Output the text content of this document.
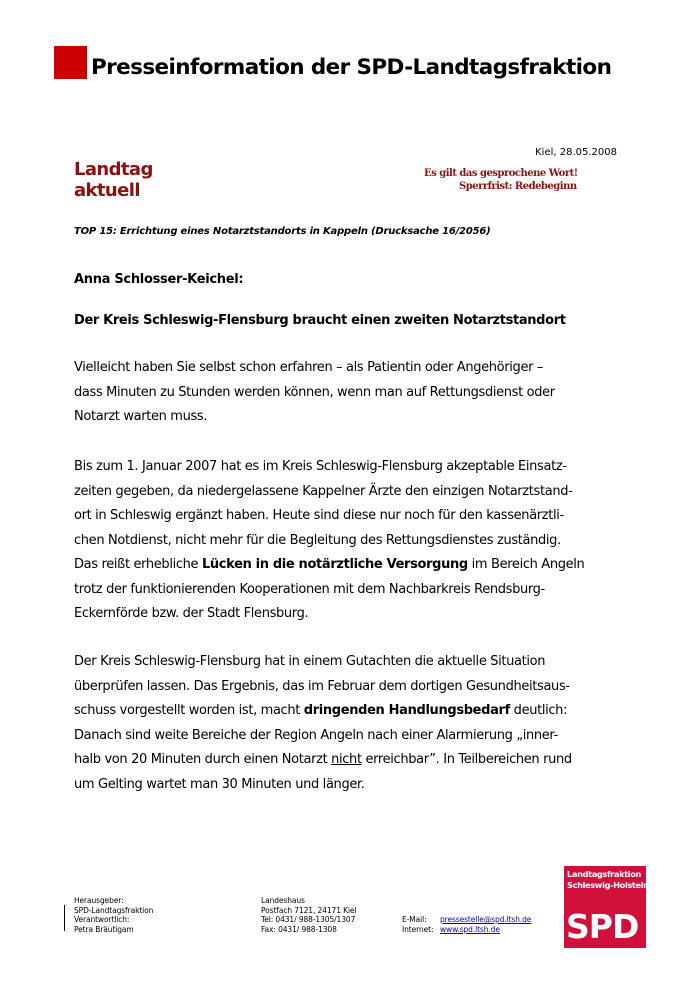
Presseinformation der SPD-Landtagsfraktion
Kiel, 28.05.2008
Landtag
aktuell
Es gilt das gesprochene Wort!
Sperrfrist: Redebeginn
TOP 15: Errichtung eines Notarztstandorts in Kappeln (Drucksache 16/2056)
Anna Schlosser-Keichel:
Der Kreis Schleswig-Flensburg braucht einen zweiten Notarztstandort
Vielleicht haben Sie selbst schon erfahren – als Patientin oder Angehöriger –
dass Minuten zu Stunden werden können, wenn man auf Rettungsdienst oder
Notarzt warten muss.
Bis zum 1. Januar 2007 hat es im Kreis Schleswig-Flensburg akzeptable Einsatz-
zeiten gegeben, da niedergelassene Kappelner Ärzte den einzigen Notarztstand-
ort in Schleswig ergänzt haben. Heute sind diese nur noch für den kassenärztli-
chen Notdienst, nicht mehr für die Begleitung des Rettungsdienstes zuständig.
Das reißt erhebliche Lücken in die notärztliche Versorgung im Bereich Angeln
trotz der funktionierenden Kooperationen mit dem Nachbarkreis Rendsburg-
Eckernförde bzw. der Stadt Flensburg.
Der Kreis Schleswig-Flensburg hat in einem Gutachten die aktuelle Situation
überprüfen lassen. Das Ergebnis, das im Februar dem dortigen Gesundheitsaus-
schuss vorgestellt worden ist, macht dringenden Handlungsbedarf deutlich:
Danach sind weite Bereiche der Region Angeln nach einer Alarmierung „inner-
halb von 20 Minuten durch einen Notarzt nicht erreichbar”. In Teilbereichen rund
um Gelting wartet man 30 Minuten und länger.
Herausgeber:
SPD-Landtagsfraktion
Verantwortlich:
Petra Bräutigam
Landeshaus
Postfach 7121, 24171 Kiel
Tel: 0431/ 988-1305/1307
Fax: 0431/ 988-1308
E-Mail: pressestelle@spd.ltsh.de
Internet: www.spd.ltsh.de
Landtagsfraktion
Schleswig-Holstein
SPD
